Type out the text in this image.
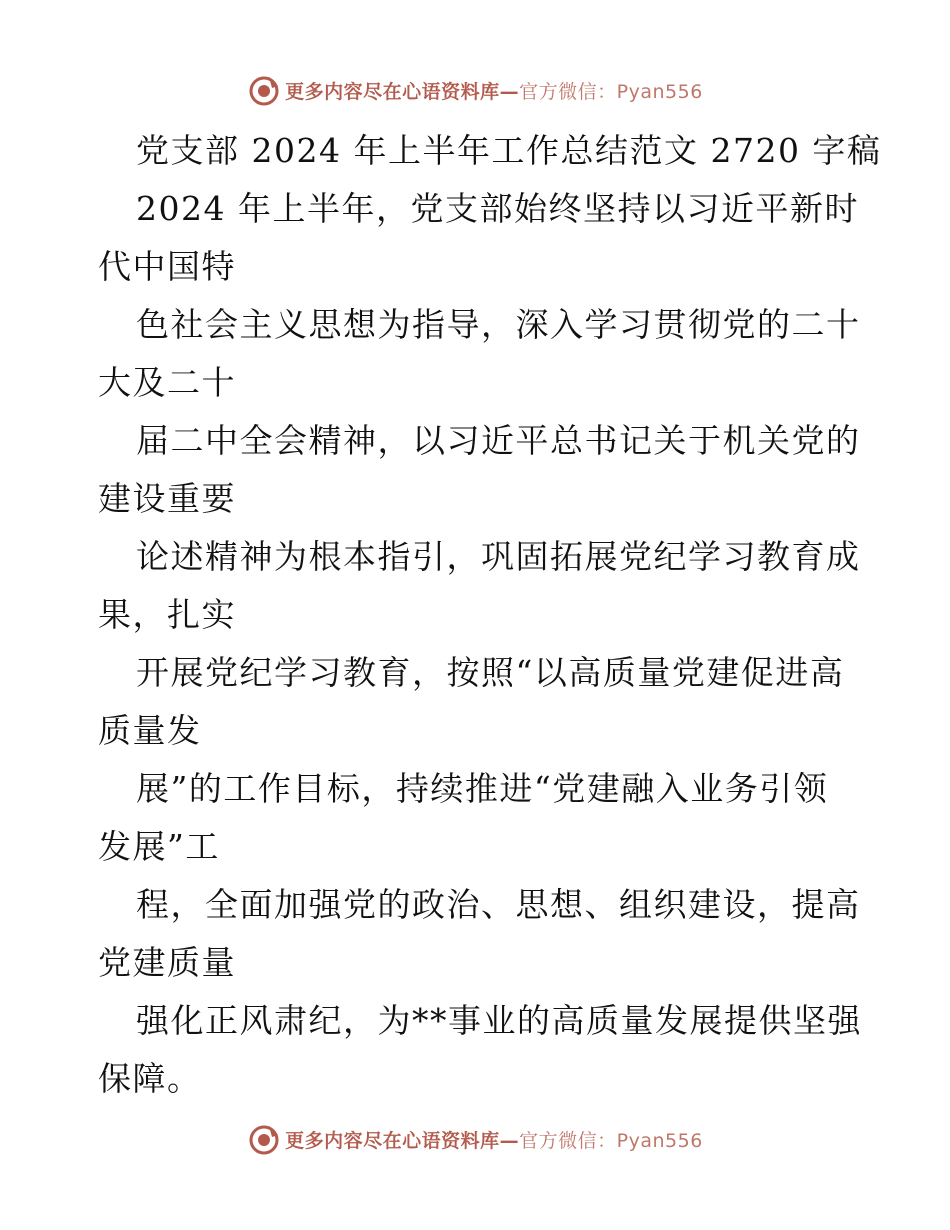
更多内容尽在心语资料库—官方微信：Pyan556
党支部 2024 年上半年工作总结范文 2720 字稿
2024 年上半年，党支部始终坚持以习近平新时
代中国特
色社会主义思想为指导，深入学习贯彻党的二十
大及二十
届二中全会精神，以习近平总书记关于机关党的
建设重要
论述精神为根本指引，巩固拓展党纪学习教育成
果，扎实
开展党纪学习教育，按照“以高质量党建促进高
质量发
展”的工作目标，持续推进“党建融入业务引领
发展”工
程，全面加强党的政治、思想、组织建设，提高
党建质量
强化正风肃纪，为**事业的高质量发展提供坚强
保障。
更多内容尽在心语资料库—官方微信：Pyan556
